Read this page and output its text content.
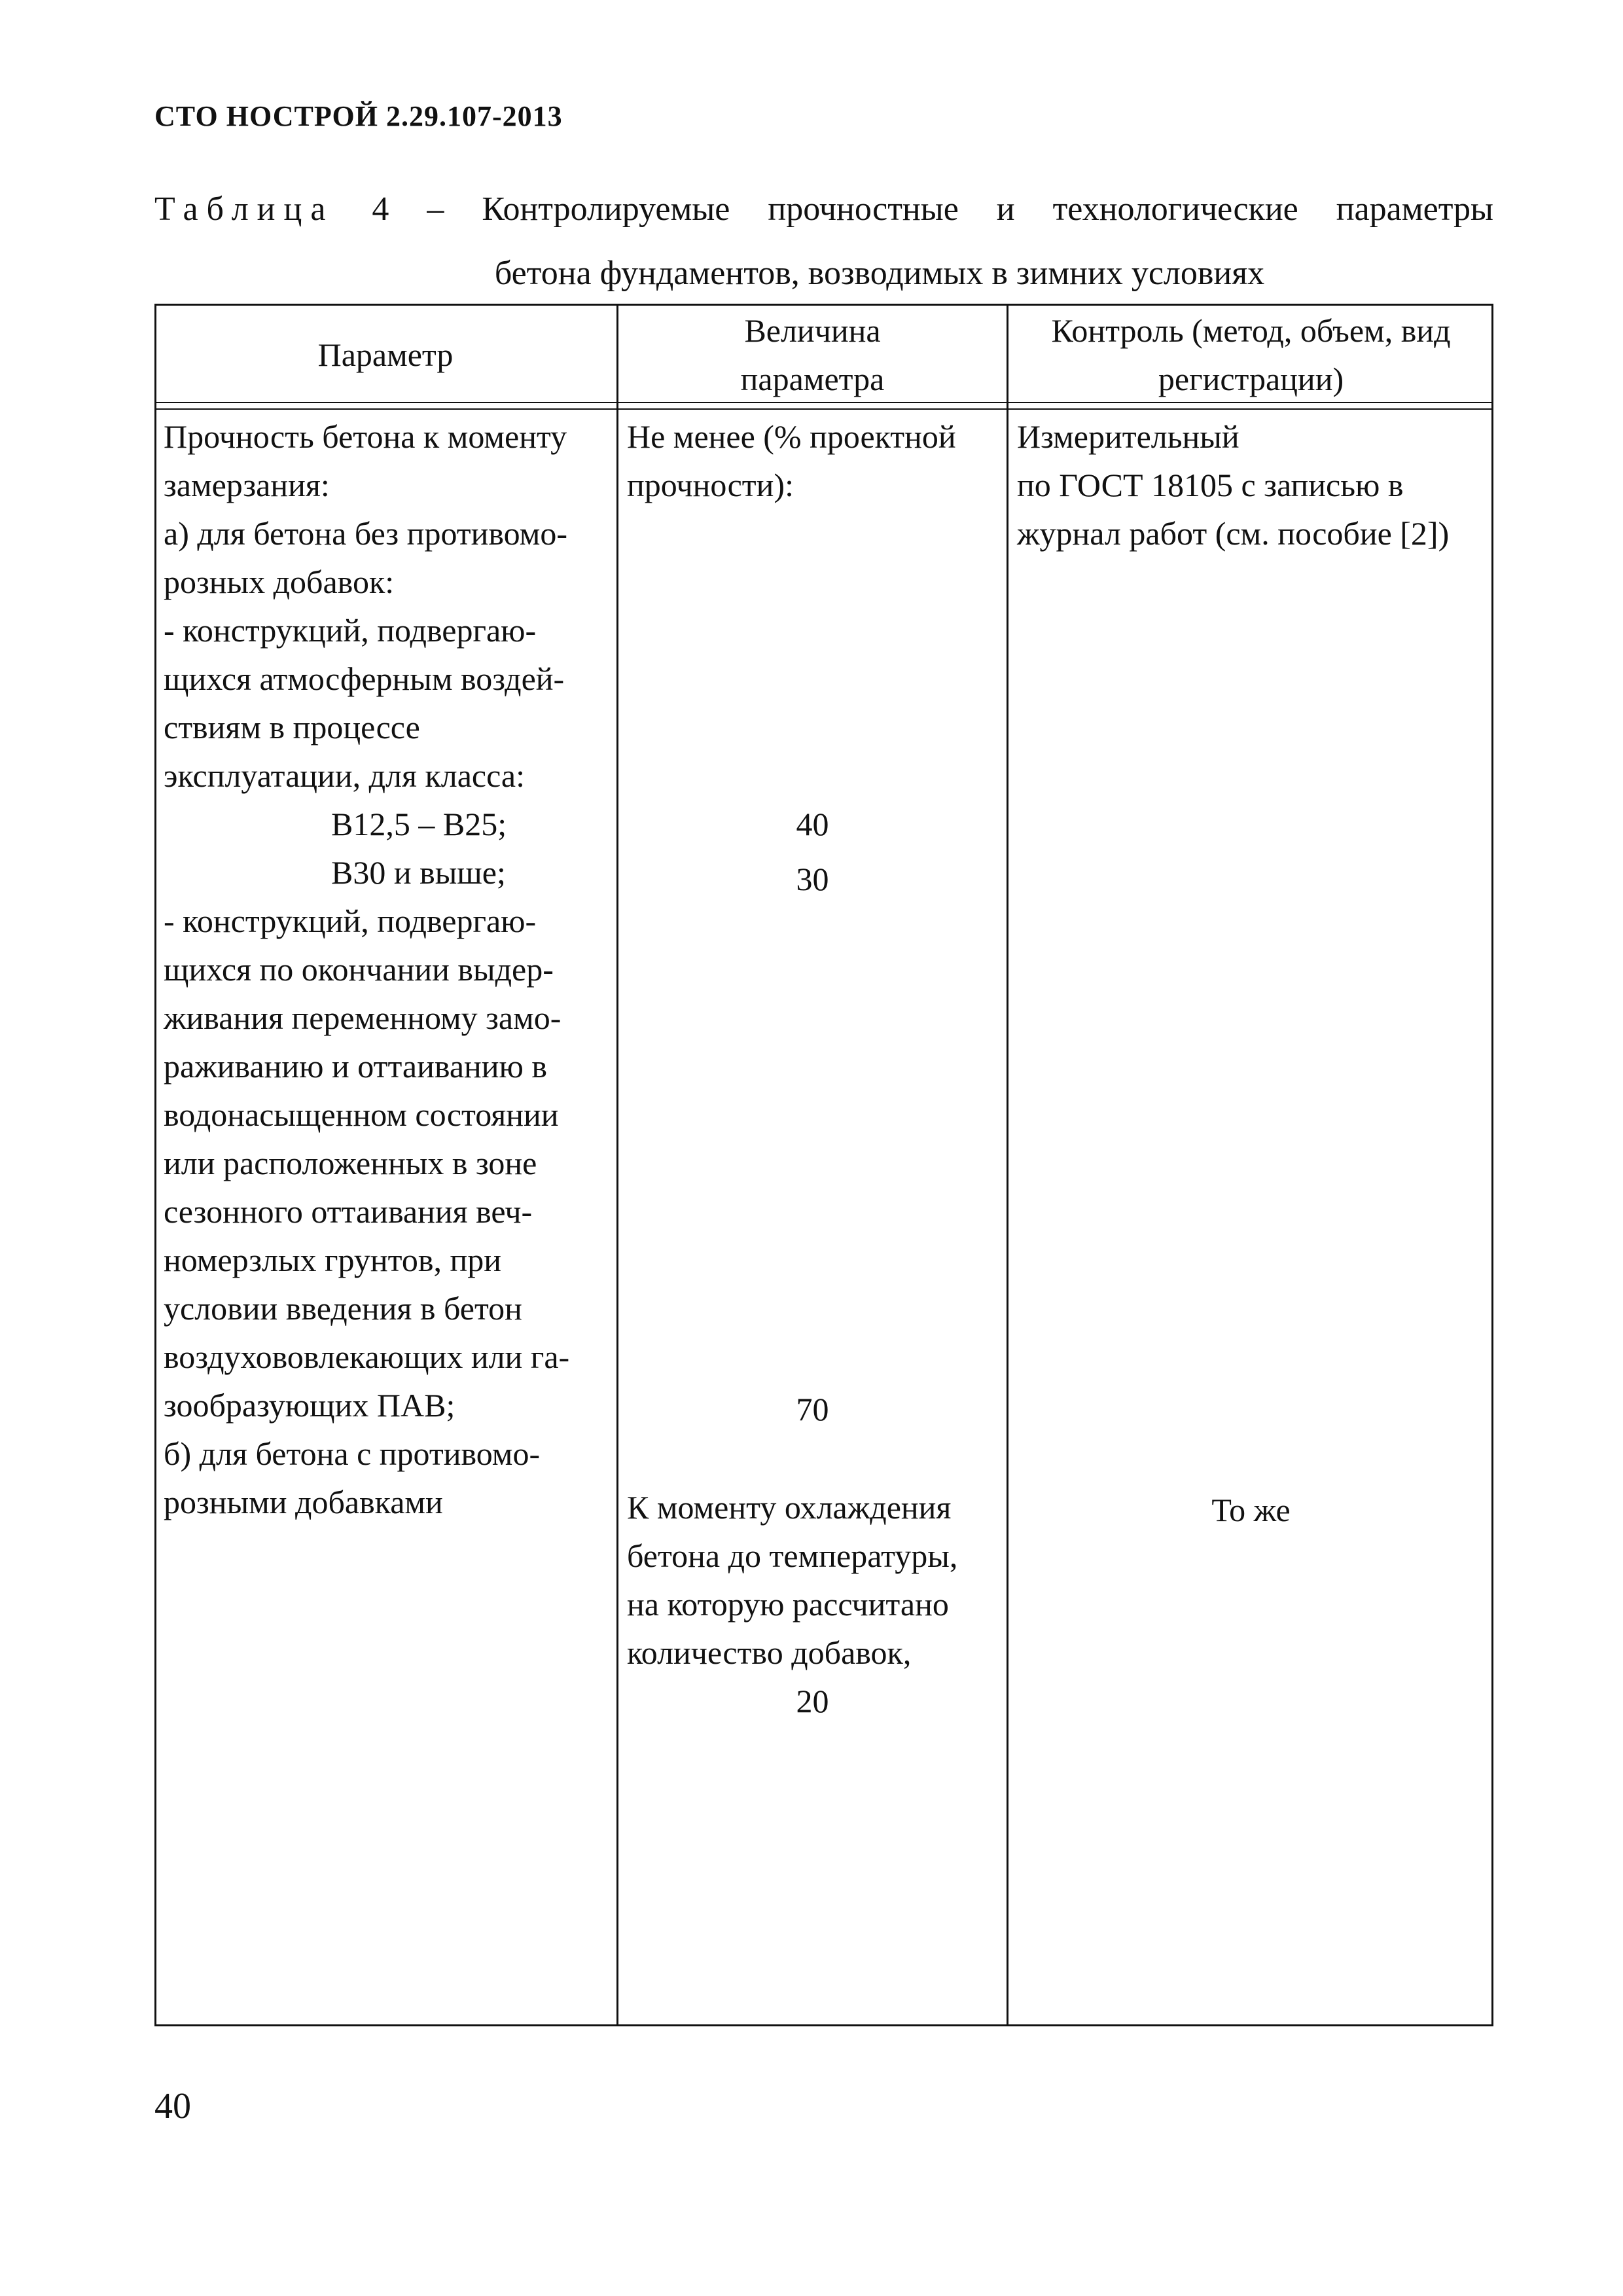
СТО НОСТРОЙ 2.29.107-2013
Таблица 4 – Контролируемые прочностные и технологические параметры
бетона фундаментов, возводимых в зимних условиях
Параметр
Величина
параметра
Контроль (метод, объем, вид
регистрации)
Прочность бетона к моменту
замерзания:
а) для бетона без противомо-
розных добавок:
- конструкций, подвергаю-
щихся атмосферным воздей-
ствиям в процессе
эксплуатации, для класса:
В12,5 – В25;
В30 и выше;
- конструкций, подвергаю-
щихся по окончании выдер-
живания переменному замо-
раживанию и оттаиванию в
водонасыщенном состоянии
или расположенных в зоне
сезонного оттаивания веч-
номерзлых грунтов, при
условии введения в бетон
воздухововлекающих или га-
зообразующих ПАВ;
б) для бетона с противомо-
розными добавками
Не менее (% проектной
прочности):
40
30
70
К моменту охлаждения
бетона до температуры,
на которую рассчитано
количество добавок,
20
Измерительный
по ГОСТ 18105 с записью в
журнал работ (см. пособие [2])
То же
40
